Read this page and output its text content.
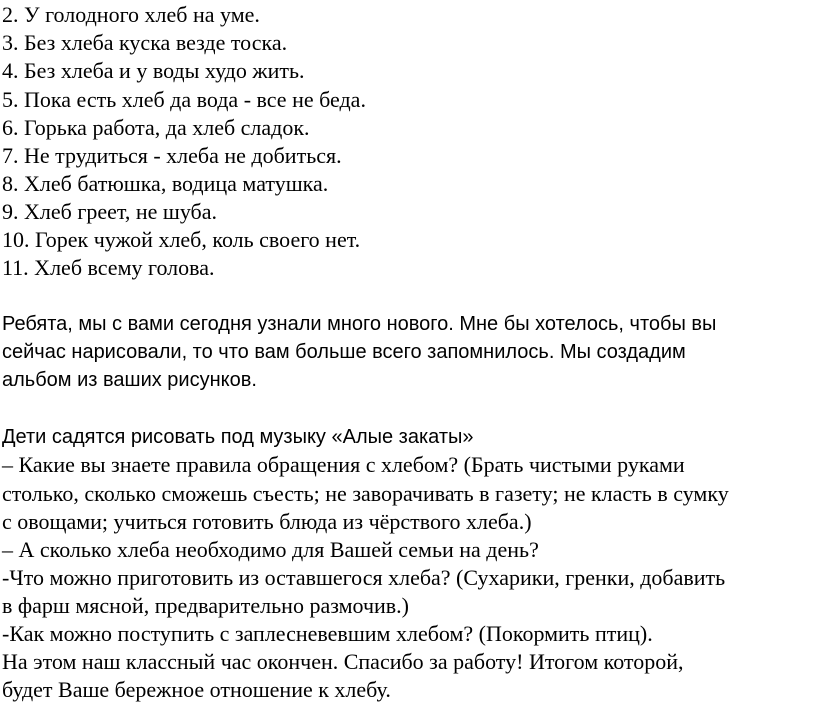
2. У голодного хлеб на уме.
3. Без хлеба куска везде тоска.
4. Без хлеба и у воды худо жить.
5. Пока есть хлеб да вода - все не беда.
6. Горька работа, да хлеб сладок.
7. Не трудиться - хлеба не добиться.
8. Хлеб батюшка, водица матушка.
9. Хлеб греет, не шуба.
10. Горек чужой хлеб, коль своего нет.
11. Хлеб всему голова.
Ребята, мы с вами сегодня узнали много нового. Мне бы хотелось, чтобы вы
сейчас нарисовали, то что вам больше всего запомнилось. Мы создадим
альбом из ваших рисунков.
Дети садятся рисовать под музыку «Алые закаты»
– Какие вы знаете правила обращения с хлебом? (Брать чистыми руками
столько, сколько сможешь съесть; не заворачивать в газету; не класть в сумку
с овощами; учиться готовить блюда из чёрствого хлеба.)
– А сколько хлеба необходимо для Вашей семьи на день?
-Что можно приготовить из оставшегося хлеба? (Сухарики, гренки, добавить
в фарш мясной, предварительно размочив.)
-Как можно поступить с заплесневевшим хлебом? (Покормить птиц).
На этом наш классный час окончен. Спасибо за работу! Итогом которой,
будет Ваше бережное отношение к хлебу.
